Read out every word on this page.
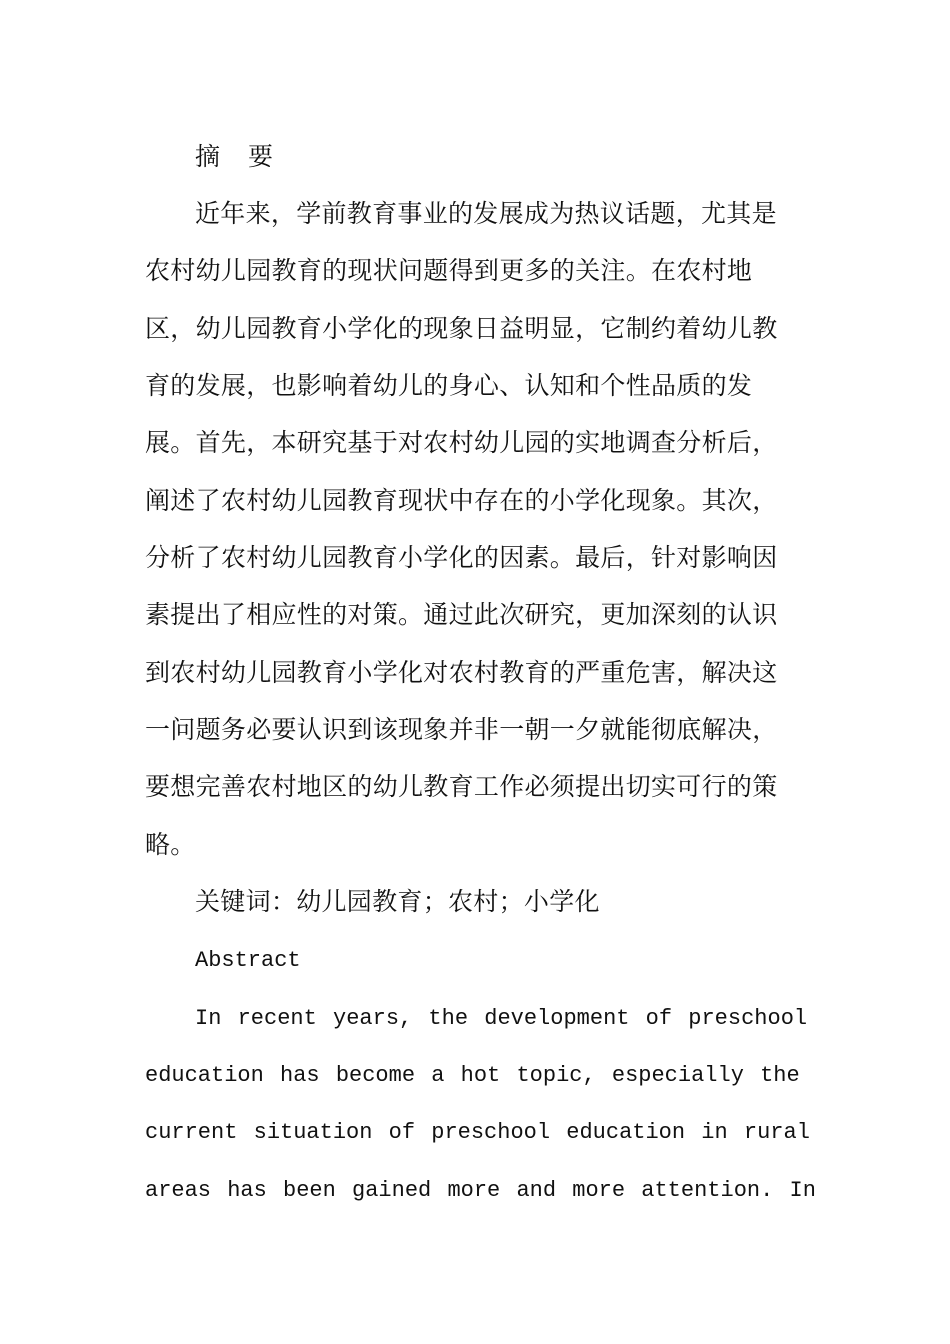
摘 要
近年来，学前教育事业的发展成为热议话题，尤其是
农村幼儿园教育的现状问题得到更多的关注。在农村地
区，幼儿园教育小学化的现象日益明显，它制约着幼儿教
育的发展，也影响着幼儿的身心、认知和个性品质的发
展。首先，本研究基于对农村幼儿园的实地调查分析后，
阐述了农村幼儿园教育现状中存在的小学化现象。其次，
分析了农村幼儿园教育小学化的因素。最后，针对影响因
素提出了相应性的对策。通过此次研究，更加深刻的认识
到农村幼儿园教育小学化对农村教育的严重危害，解决这
一问题务必要认识到该现象并非一朝一夕就能彻底解决，
要想完善农村地区的幼儿教育工作必须提出切实可行的策
略。
关键词：幼儿园教育；农村；小学化
Abstract
In recent years, the development of preschool
education has become a hot topic, especially the
current situation of preschool education in rural
areas has been gained more and more attention. In
